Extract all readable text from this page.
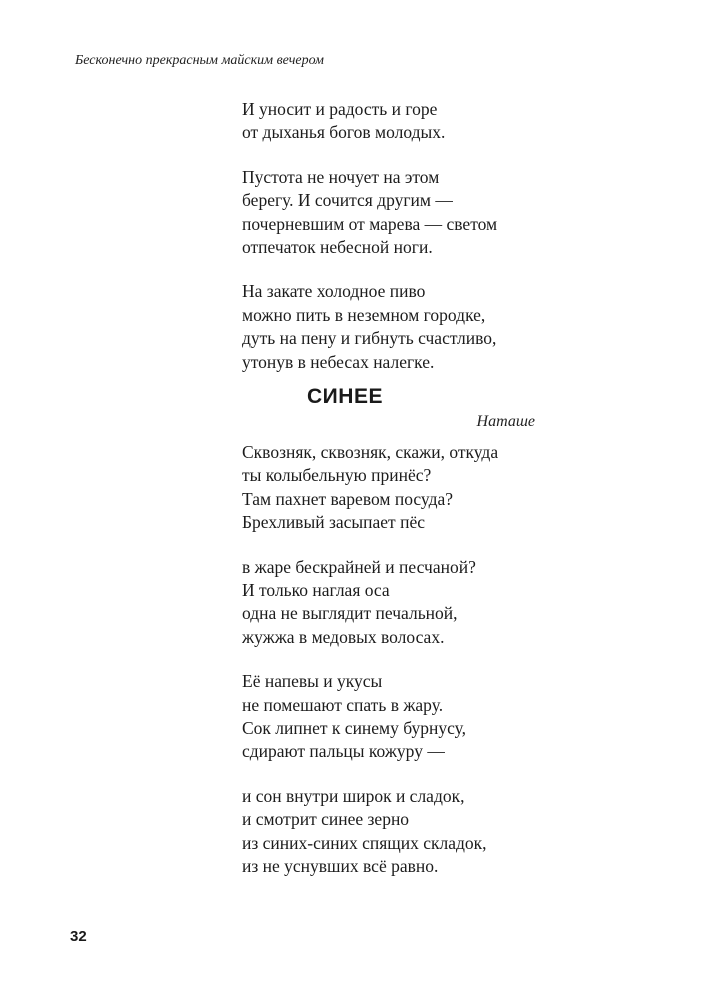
Бесконечно прекрасным майским вечером

И уносит и радость и горе
от дыханья богов молодых.

Пустота не ночует на этом
берегу. И сочится другим —
почерневшим от марева — светом
отпечаток небесной ноги.

На закате холодное пиво
можно пить в неземном городке,
дуть на пену и гибнуть счастливо,
утонув в небесах налегке.

СИНЕЕ
Наташе

Сквозняк, сквозняк, скажи, откуда
ты колыбельную принёс?
Там пахнет варевом посуда?
Брехливый засыпает пёс

в жаре бескрайней и песчаной?
И только наглая оса
одна не выглядит печальной,
жужжа в медовых волосах.

Её напевы и укусы
не помешают спать в жару.
Сок липнет к синему бурнусу,
сдирают пальцы кожуру —

и сон внутри широк и сладок,
и смотрит синее зерно
из синих-синих спящих складок,
из не уснувших всё равно.

32
